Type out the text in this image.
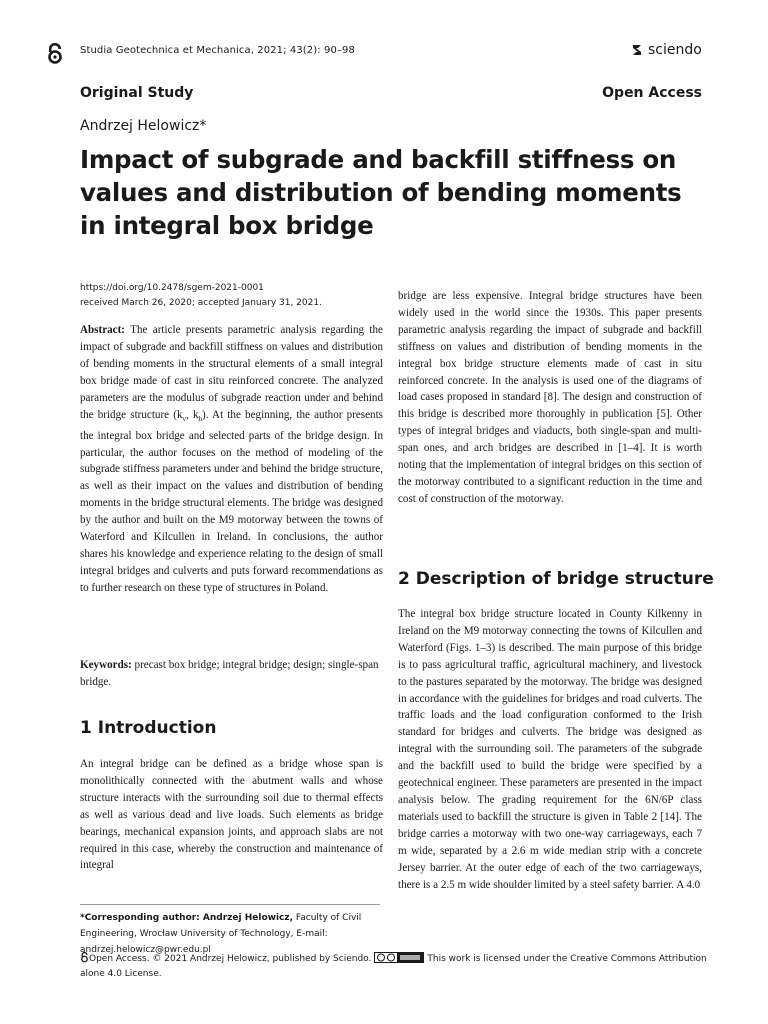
Studia Geotechnica et Mechanica, 2021; 43(2): 90–98	sciendo
Original Study	Open Access
Andrzej Helowicz*
Impact of subgrade and backfill stiffness on values and distribution of bending moments in integral box bridge
https://doi.org/10.2478/sgem-2021-0001
received March 26, 2020; accepted January 31, 2021.
Abstract: The article presents parametric analysis regarding the impact of subgrade and backfill stiffness on values and distribution of bending moments in the structural elements of a small integral box bridge made of cast in situ reinforced concrete. The analyzed parameters are the modulus of subgrade reaction under and behind the bridge structure ($k_v$, $k_h$). At the beginning, the author presents the integral box bridge and selected parts of the bridge design. In particular, the author focuses on the method of modeling of the subgrade stiffness parameters under and behind the bridge structure, as well as their impact on the values and distribution of bending moments in the bridge structural elements. The bridge was designed by the author and built on the M9 motorway between the towns of Waterford and Kilcullen in Ireland. In conclusions, the author shares his knowledge and experience relating to the design of small integral bridges and culverts and puts forward recommendations as to further research on these type of structures in Poland.
Keywords: precast box bridge; integral bridge; design; single-span bridge.
1 Introduction
An integral bridge can be defined as a bridge whose span is monolithically connected with the abutment walls and whose structure interacts with the surrounding soil due to thermal effects as well as various dead and live loads. Such elements as bridge bearings, mechanical expansion joints, and approach slabs are not required in this case, whereby the construction and maintenance of integral
*Corresponding author: Andrzej Helowicz, Faculty of Civil Engineering, Wrocław University of Technology, E-mail: andrzej.helowicz@pwr.edu.pl
bridge are less expensive. Integral bridge structures have been widely used in the world since the 1930s. This paper presents parametric analysis regarding the impact of subgrade and backfill stiffness on values and distribution of bending moments in the integral box bridge structure elements made of cast in situ reinforced concrete. In the analysis is used one of the diagrams of load cases proposed in standard [8]. The design and construction of this bridge is described more thoroughly in publication [5]. Other types of integral bridges and viaducts, both single-span and multi-span ones, and arch bridges are described in [1–4]. It is worth noting that the implementation of integral bridges on this section of the motorway contributed to a significant reduction in the time and cost of construction of the motorway.
2 Description of bridge structure
The integral box bridge structure located in County Kilkenny in Ireland on the M9 motorway connecting the towns of Kilcullen and Waterford (Figs. 1–3) is described. The main purpose of this bridge is to pass agricultural traffic, agricultural machinery, and livestock to the pastures separated by the motorway. The bridge was designed in accordance with the guidelines for bridges and road culverts. The traffic loads and the load configuration conformed to the Irish standard for bridges and culverts. The bridge was designed as integral with the surrounding soil. The parameters of the subgrade and the backfill used to build the bridge were specified by a geotechnical engineer. These parameters are presented in the impact analysis below. The grading requirement for the 6N/6P class materials used to backfill the structure is given in Table 2 [14]. The bridge carries a motorway with two one-way carriageways, each 7 m wide, separated by a 2.6 m wide median strip with a concrete Jersey barrier. At the outer edge of each of the two carriageways, there is a 2.5 m wide shoulder limited by a steel safety barrier. A 4.0
Open Access. © 2021 Andrzej Helowicz, published by Sciendo.	This work is licensed under the Creative Commons Attribution alone 4.0 License.
